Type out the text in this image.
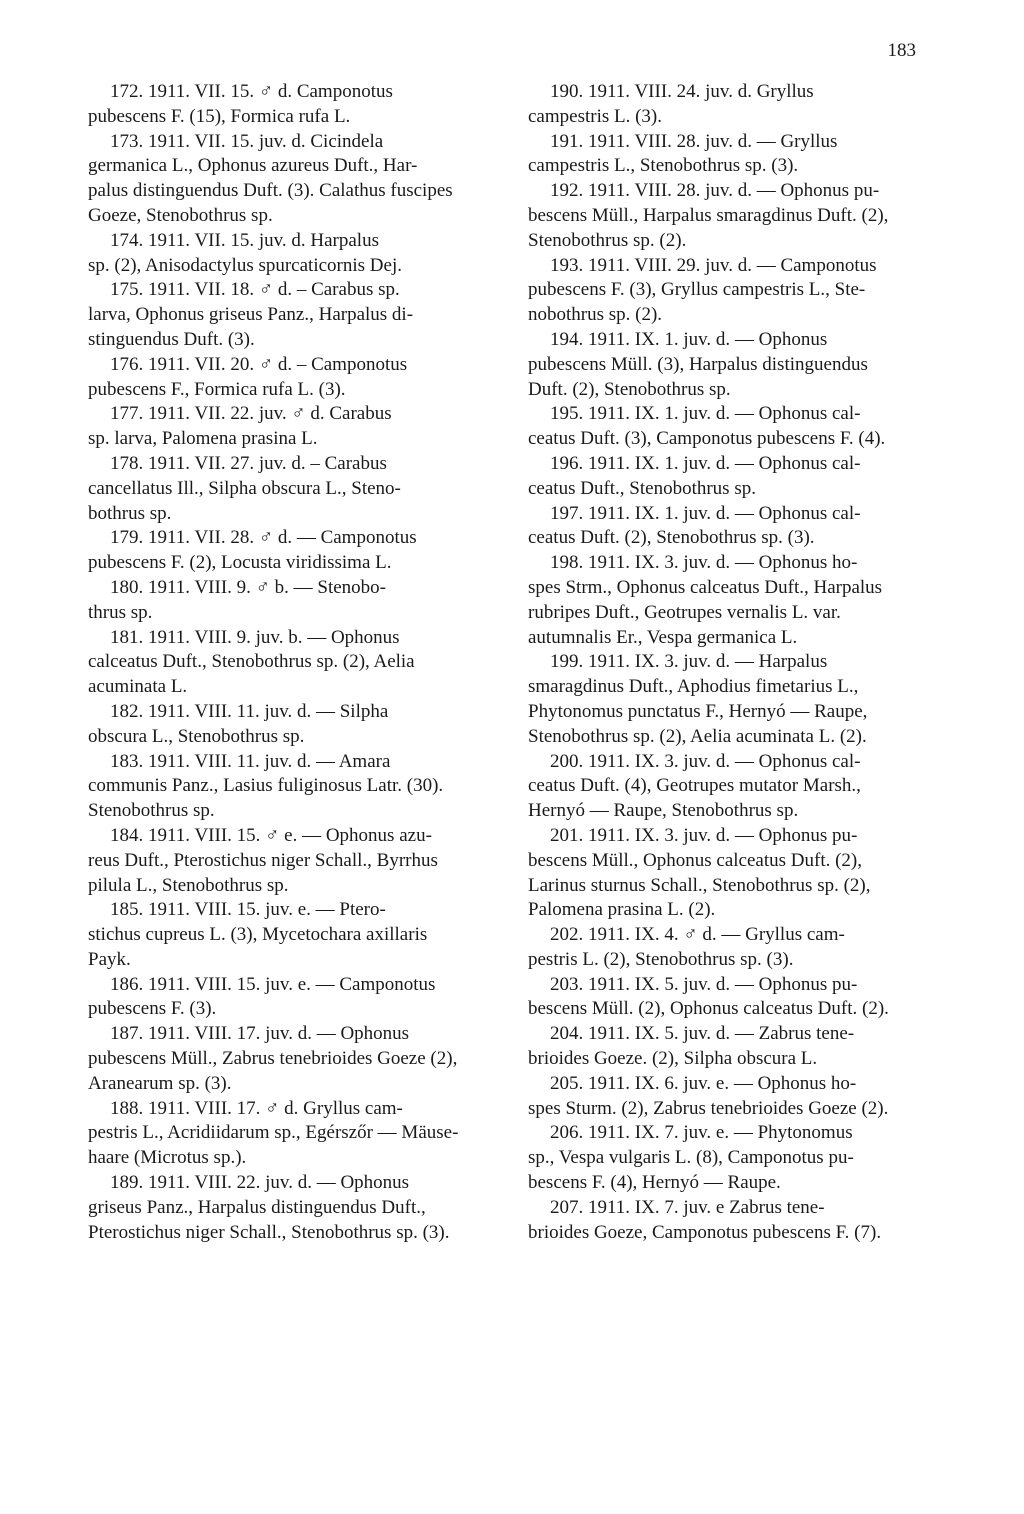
183
172. 1911. VII. 15. ♂ d. Camponotus
pubescens F. (15), Formica rufa L.
173. 1911. VII. 15. juv. d. Cicindela
germanica L., Ophonus azureus Duft., Har-
palus distinguendus Duft. (3). Calathus fuscipes
Goeze, Stenobothrus sp.
174. 1911. VII. 15. juv. d. Harpalus
sp. (2), Anisodactylus spurcaticornis Dej.
175. 1911. VII. 18. ♂ d. – Carabus sp.
larva, Ophonus griseus Panz., Harpalus di-
stinguendus Duft. (3).
176. 1911. VII. 20. ♂ d. – Camponotus
pubescens F., Formica rufa L. (3).
177. 1911. VII. 22. juv. ♂ d. Carabus
sp. larva, Palomena prasina L.
178. 1911. VII. 27. juv. d. – Carabus
cancellatus Ill., Silpha obscura L., Steno-
bothrus sp.
179. 1911. VII. 28. ♂ d. — Camponotus
pubescens F. (2), Locusta viridissima L.
180. 1911. VIII. 9. ♂ b. — Stenobo-
thrus sp.
181. 1911. VIII. 9. juv. b. — Ophonus
calceatus Duft., Stenobothrus sp. (2), Aelia
acuminata L.
182. 1911. VIII. 11. juv. d. — Silpha
obscura L., Stenobothrus sp.
183. 1911. VIII. 11. juv. d. — Amara
communis Panz., Lasius fuliginosus Latr. (30).
Stenobothrus sp.
184. 1911. VIII. 15. ♂ e. — Ophonus azu-
reus Duft., Pterostichus niger Schall., Byrrhus
pilula L., Stenobothrus sp.
185. 1911. VIII. 15. juv. e. — Ptero-
stichus cupreus L. (3), Mycetochara axillaris
Payk.
186. 1911. VIII. 15. juv. e. — Camponotus
pubescens F. (3).
187. 1911. VIII. 17. juv. d. — Ophonus
pubescens Müll., Zabrus tenebrioides Goeze (2),
Aranearum sp. (3).
188. 1911. VIII. 17. ♂ d. Gryllus cam-
pestris L., Acridiidarum sp., Egérszőr — Mäuse-
haare (Microtus sp.).
189. 1911. VIII. 22. juv. d. — Ophonus
griseus Panz., Harpalus distinguendus Duft.,
Pterostichus niger Schall., Stenobothrus sp. (3).
190. 1911. VIII. 24. juv. d. Gryllus
campestris L. (3).
191. 1911. VIII. 28. juv. d. — Gryllus
campestris L., Stenobothrus sp. (3).
192. 1911. VIII. 28. juv. d. — Ophonus pu-
bescens Müll., Harpalus smaragdinus Duft. (2),
Stenobothrus sp. (2).
193. 1911. VIII. 29. juv. d. — Camponotus
pubescens F. (3), Gryllus campestris L., Ste-
nobothrus sp. (2).
194. 1911. IX. 1. juv. d. — Ophonus
pubescens Müll. (3), Harpalus distinguendus
Duft. (2), Stenobothrus sp.
195. 1911. IX. 1. juv. d. — Ophonus cal-
ceatus Duft. (3), Camponotus pubescens F. (4).
196. 1911. IX. 1. juv. d. — Ophonus cal-
ceatus Duft., Stenobothrus sp.
197. 1911. IX. 1. juv. d. — Ophonus cal-
ceatus Duft. (2), Stenobothrus sp. (3).
198. 1911. IX. 3. juv. d. — Ophonus ho-
spes Strm., Ophonus calceatus Duft., Harpalus
rubripes Duft., Geotrupes vernalis L. var.
autumnalis Er., Vespa germanica L.
199. 1911. IX. 3. juv. d. — Harpalus
smaragdinus Duft., Aphodius fimetarius L.,
Phytonomus punctatus F., Hernyó — Raupe,
Stenobothrus sp. (2), Aelia acuminata L. (2).
200. 1911. IX. 3. juv. d. — Ophonus cal-
ceatus Duft. (4), Geotrupes mutator Marsh.,
Hernyó — Raupe, Stenobothrus sp.
201. 1911. IX. 3. juv. d. — Ophonus pu-
bescens Müll., Ophonus calceatus Duft. (2),
Larinus sturnus Schall., Stenobothrus sp. (2),
Palomena prasina L. (2).
202. 1911. IX. 4. ♂ d. — Gryllus cam-
pestris L. (2), Stenobothrus sp. (3).
203. 1911. IX. 5. juv. d. — Ophonus pu-
bescens Müll. (2), Ophonus calceatus Duft. (2).
204. 1911. IX. 5. juv. d. — Zabrus tene-
brioides Goeze. (2), Silpha obscura L.
205. 1911. IX. 6. juv. e. — Ophonus ho-
spes Sturm. (2), Zabrus tenebrioides Goeze (2).
206. 1911. IX. 7. juv. e. — Phytonomus
sp., Vespa vulgaris L. (8), Camponotus pu-
bescens F. (4), Hernyó — Raupe.
207. 1911. IX. 7. juv. e Zabrus tene-
brioides Goeze, Camponotus pubescens F. (7).
